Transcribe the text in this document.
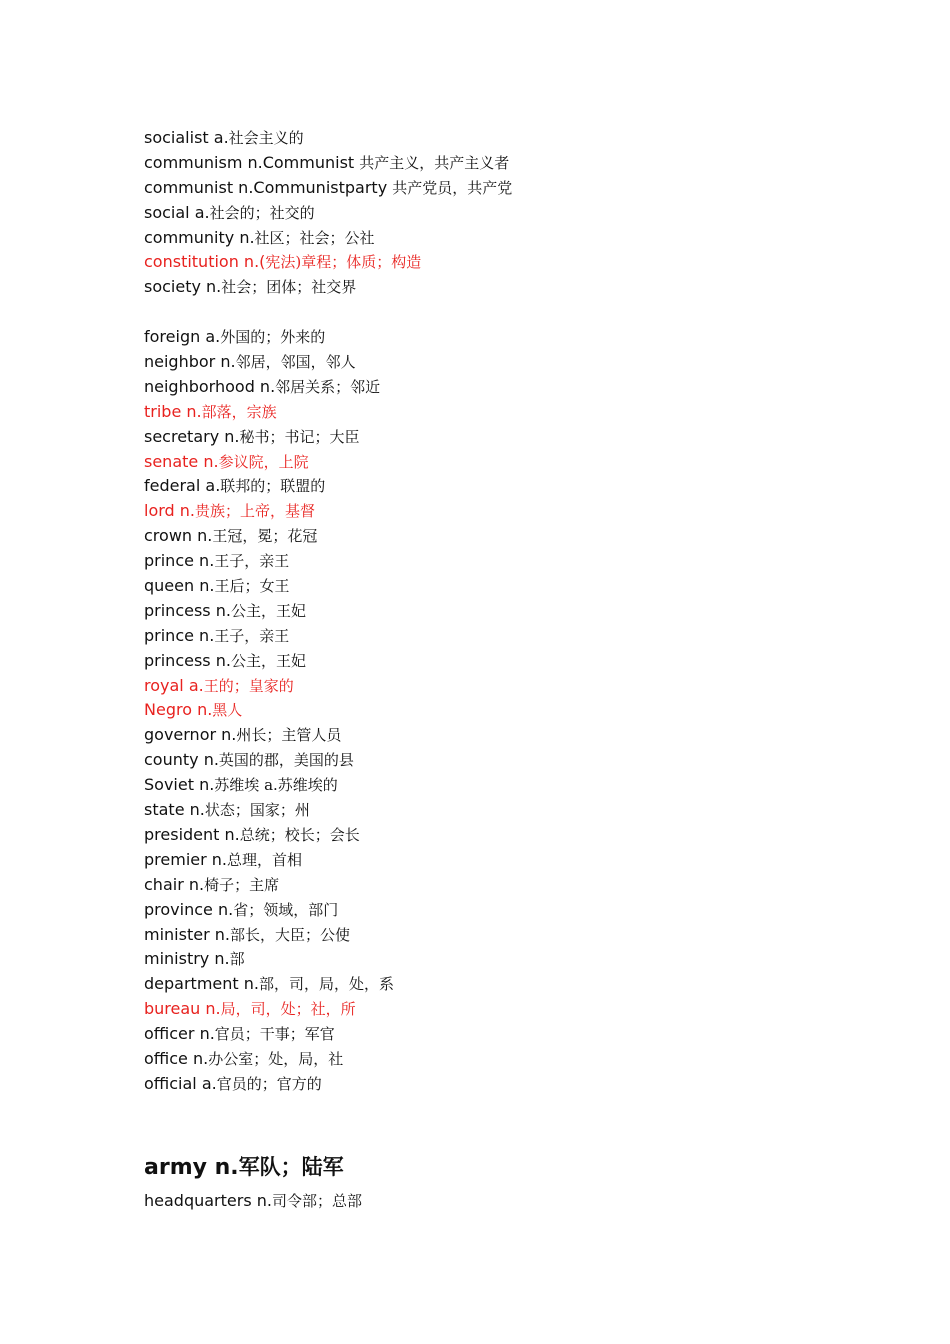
socialist a.社会主义的
communism n.Communist 共产主义，共产主义者
communist n.Communistparty 共产党员，共产党
social a.社会的；社交的
community n.社区；社会；公社
constitution n.(宪法)章程；体质；构造
society n.社会；团体；社交界
foreign a.外国的；外来的
neighbor n.邻居，邻国，邻人
neighborhood n.邻居关系；邻近
tribe n.部落，宗族
secretary n.秘书；书记；大臣
senate n.参议院，上院
federal a.联邦的；联盟的
lord n.贵族；上帝，基督
crown n.王冠，冕；花冠
prince n.王子，亲王
queen n.王后；女王
princess n.公主，王妃
prince n.王子，亲王
princess n.公主，王妃
royal a.王的；皇家的
Negro n.黑人
governor n.州长；主管人员
county n.英国的郡，美国的县
Soviet n.苏维埃 a.苏维埃的
state n.状态；国家；州
president n.总统；校长；会长
premier n.总理，首相
chair n.椅子；主席
province n.省；领域，部门
minister n.部长，大臣；公使
ministry n.部
department n.部，司，局，处，系
bureau n.局，司，处；社，所
officer n.官员；干事；军官
office n.办公室；处，局，社
official a.官员的；官方的
army n.军队；陆军
headquarters n.司令部；总部
